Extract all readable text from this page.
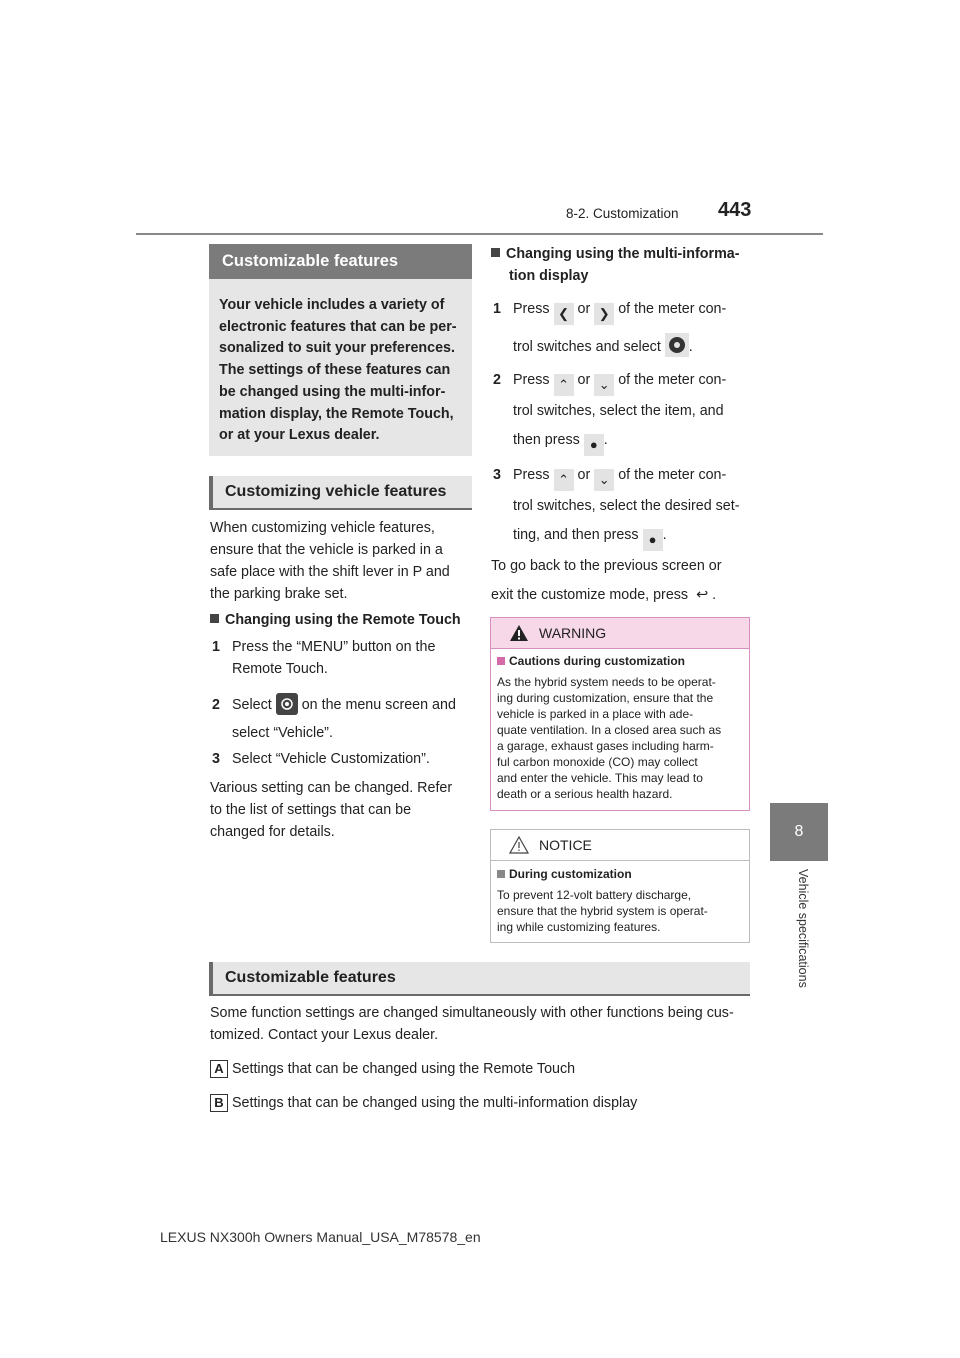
8-2. Customization 443
8
Vehicle specifications
Customizable features
Your vehicle includes a variety of
electronic features that can be per-
sonalized to suit your preferences.
The settings of these features can
be changed using the multi-infor-
mation display, the Remote Touch,
or at your Lexus dealer.
Customizing vehicle features
When customizing vehicle features,
ensure that the vehicle is parked in a
safe place with the shift lever in P and
the parking brake set.
Changing using the Remote Touch
1 Press the “MENU” button on the
Remote Touch.
2 Select on the menu screen and
select “Vehicle”.
3 Select “Vehicle Customization”.
Various setting can be changed. Refer
to the list of settings that can be
changed for details.
Changing using the multi-informa-
tion display
1 Press ❮ or ❯ of the meter con-
trol switches and select .
2 Press ⌃ or ⌄ of the meter con-
trol switches, select the item, and
then press ● .
3 Press ⌃ or ⌄ of the meter con-
trol switches, select the desired set-
ting, and then press ● .
To go back to the previous screen or
exit the customize mode, press ↩ .
WARNING
Cautions during customization
As the hybrid system needs to be operat-
ing during customization, ensure that the
vehicle is parked in a place with ade-
quate ventilation. In a closed area such as
a garage, exhaust gases including harm-
ful carbon monoxide (CO) may collect
and enter the vehicle. This may lead to
death or a serious health hazard.
NOTICE
During customization
To prevent 12-volt battery discharge,
ensure that the hybrid system is operat-
ing while customizing features.
Customizable features
Some function settings are changed simultaneously with other functions being cus-
tomized. Contact your Lexus dealer.
A Settings that can be changed using the Remote Touch
B Settings that can be changed using the multi-information display
LEXUS NX300h Owners Manual_USA_M78578_en
